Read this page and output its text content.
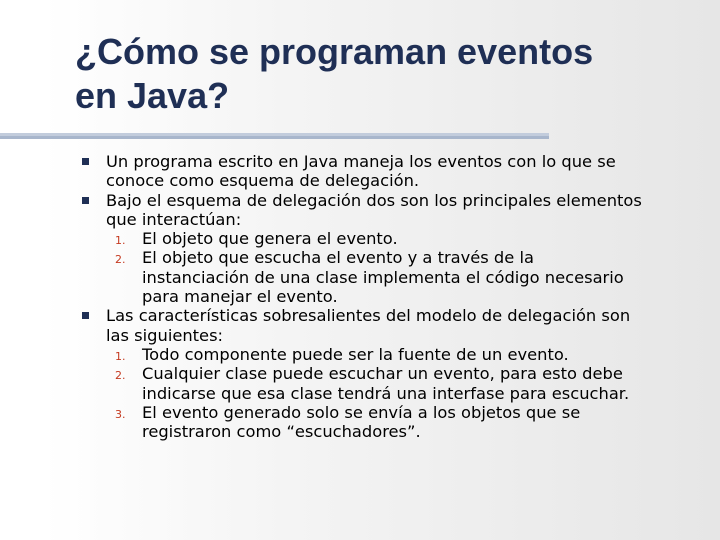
¿Cómo se programan eventos
en Java?
Un programa escrito en Java maneja los eventos con lo que se
conoce como esquema de delegación.
Bajo el esquema de delegación dos son los principales elementos
que interactúan:
1. El objeto que genera el evento.
2. El objeto que escucha el evento y a través de la
instanciación de una clase implementa el código necesario
para manejar el evento.
Las características sobresalientes del modelo de delegación son
las siguientes:
1. Todo componente puede ser la fuente de un evento.
2. Cualquier clase puede escuchar un evento, para esto debe
indicarse que esa clase tendrá una interfase para escuchar.
3. El evento generado solo se envía a los objetos que se
registraron como “escuchadores”.
